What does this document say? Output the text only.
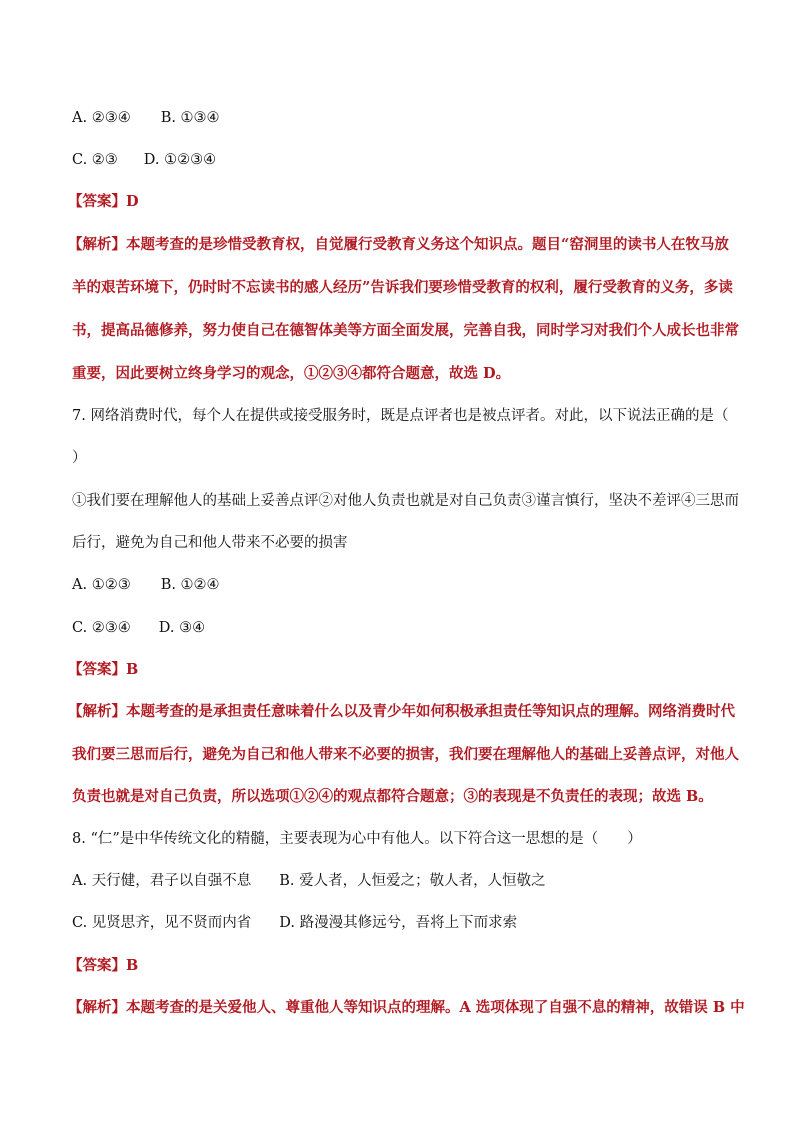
A. ②③④ B. ①③④
C. ②③ D. ①②③④
【答案】D
【解析】本题考查的是珍惜受教育权，自觉履行受教育义务这个知识点。题目“窑洞里的读书人在牧马放
羊的艰苦环境下，仍时时不忘读书的感人经历”告诉我们要珍惜受教育的权利，履行受教育的义务，多读
书，提高品德修养，努力使自己在德智体美等方面全面发展，完善自我，同时学习对我们个人成长也非常
重要，因此要树立终身学习的观念，①②③④都符合题意，故选 D。
7. 网络消费时代，每个人在提供或接受服务时，既是点评者也是被点评者。对此，以下说法正确的是（
）
①我们要在理解他人的基础上妥善点评②对他人负责也就是对自己负责③谨言慎行，坚决不差评④三思而
后行，避免为自己和他人带来不必要的损害
A. ①②③ B. ①②④
C. ②③④ D. ③④
【答案】B
【解析】本题考查的是承担责任意味着什么以及青少年如何积极承担责任等知识点的理解。网络消费时代
我们要三思而后行，避免为自己和他人带来不必要的损害，我们要在理解他人的基础上妥善点评，对他人
负责也就是对自己负责，所以选项①②④的观点都符合题意；③的表现是不负责任的表现；故选 B。
8. “仁”是中华传统文化的精髓，主要表现为心中有他人。以下符合这一思想的是（　　）
A. 天行健，君子以自强不息 B. 爱人者，人恒爱之；敬人者，人恒敬之
C. 见贤思齐，见不贤而内省 D. 路漫漫其修远兮，吾将上下而求索
【答案】B
【解析】本题考查的是关爱他人、尊重他人等知识点的理解。A 选项体现了自强不息的精神，故错误 B 中
